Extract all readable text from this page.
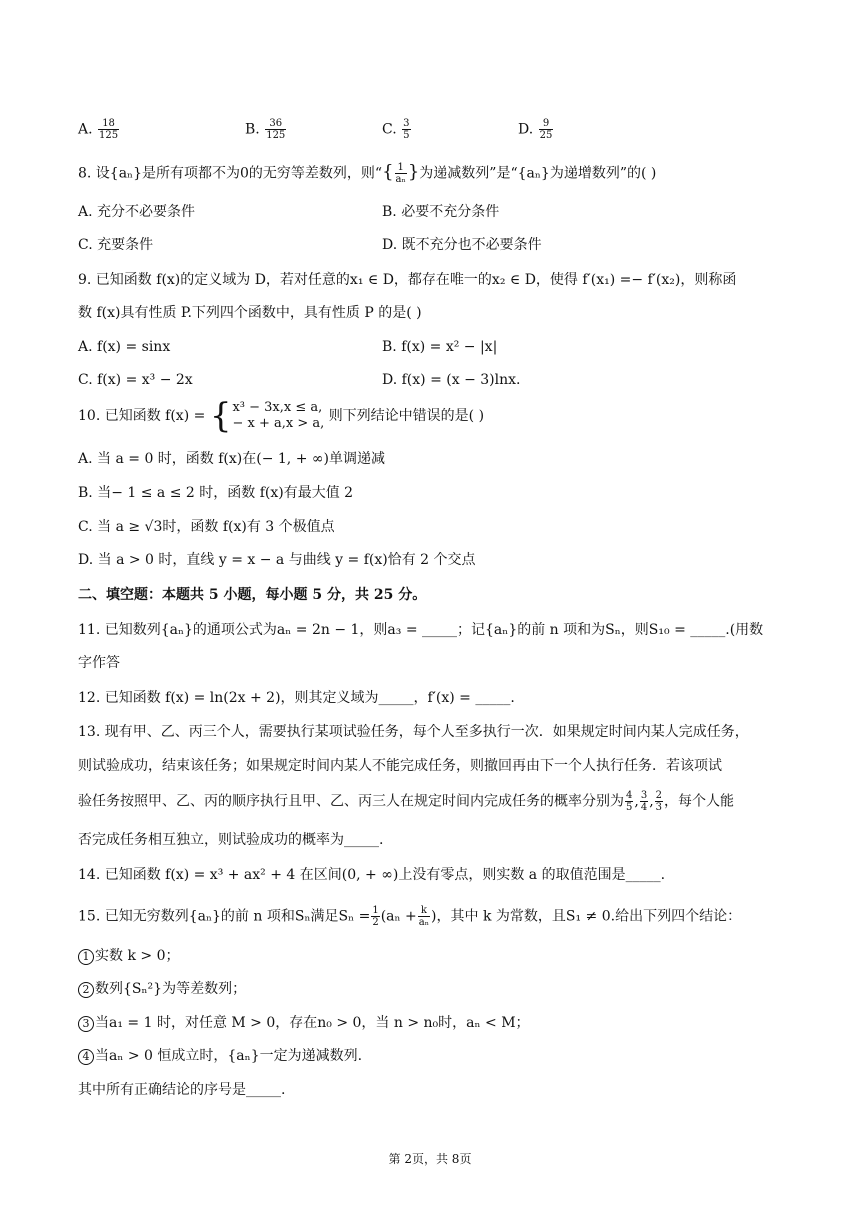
A. $\frac{18}{125}$	B. $\frac{36}{125}$	C. $\frac{3}{5}$	D. $\frac{9}{25}$
8. 设{aₙ}是所有项都不为0的无穷等差数列，则“{ $\frac{1}{\text{aₙ}}$ }为递减数列”是“{aₙ}为递增数列”的( )
A. 充分不必要条件	B. 必要不充分条件
C. 充要条件	D. 既不充分也不必要条件
9. 已知函数 f(x)的定义域为 D，若对任意的x₁ ∈ D，都存在唯一的x₂ ∈ D，使得 f′(x₁) =− f′(x₂)，则称函
数 f(x)具有性质 P.下列四个函数中，具有性质 P 的是( )
A. f(x) = sinx	B. f(x) = x² − |x|
C. f(x) = x³ − 2x	D. f(x) = (x − 3)lnx.
10. 已知函数 f(x) = { x³ − 3x,x ≤ a,
− x + a,x > a, 则下列结论中错误的是( )
A. 当 a = 0 时，函数 f(x)在(− 1, + ∞)单调递减
B. 当− 1 ≤ a ≤ 2 时，函数 f(x)有最大值 2
C. 当 a ≥ √3时，函数 f(x)有 3 个极值点
D. 当 a > 0 时，直线 y = x − a 与曲线 y = f(x)恰有 2 个交点
二、填空题：本题共 5 小题，每小题 5 分，共 25 分。
11. 已知数列{aₙ}的通项公式为aₙ = 2n − 1，则a₃ = _____；记{aₙ}的前 n 项和为Sₙ，则S₁₀ = _____.(用数
字作答
12. 已知函数 f(x) = ln(2x + 2)，则其定义域为_____，f′(x) = _____.
13. 现有甲、乙、丙三个人，需要执行某项试验任务，每个人至多执行一次．如果规定时间内某人完成任务，
则试验成功，结束该任务；如果规定时间内某人不能完成任务，则撤回再由下一个人执行任务．若该项试
验任务按照甲、乙、丙的顺序执行且甲、乙、丙三人在规定时间内完成任务的概率分别为 $\frac{4}{5}$ , $\frac{3}{4}$ , $\frac{2}{3}$ ，每个人能
否完成任务相互独立，则试验成功的概率为_____.
14. 已知函数 f(x) = x³ + ax² + 4 在区间(0, + ∞)上没有零点，则实数 a 的取值范围是_____.
15. 已知无穷数列{aₙ}的前 n 项和Sₙ满足$S_n = \frac{1}{2} (a_n + \frac{k}{\text{aₙ}}$ )，其中 k 为常数，且S₁ ≠ 0.给出下列四个结论：
1 实数 k > 0；
2 数列{Sₙ²}为等差数列；
3 当a₁ = 1 时，对任意 M > 0，存在n₀ > 0，当 n > n₀时，aₙ < M；
4 当aₙ > 0 恒成立时，{aₙ}一定为递减数列.
其中所有正确结论的序号是_____.
第 2页，共 8页
